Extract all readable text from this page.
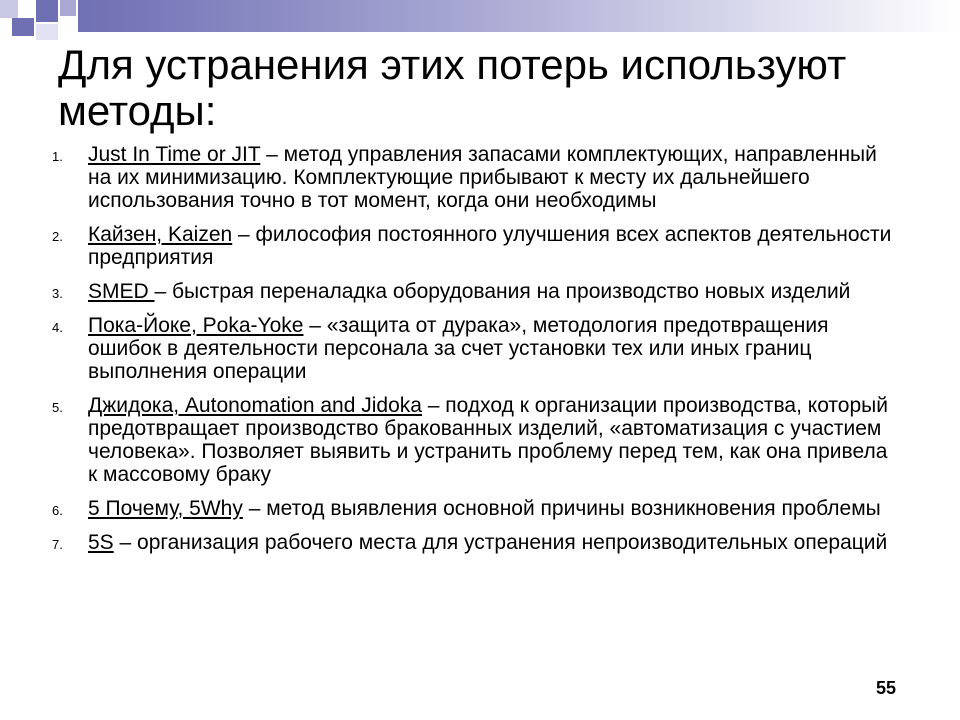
Для устранения этих потерь используют методы:
1. Just In Time or JIT – метод управления запасами комплектующих, направленный на их минимизацию. Комплектующие прибывают к месту их дальнейшего использования точно в тот момент, когда они необходимы
2. Кайзен, Kaizen – философия постоянного улучшения всех аспектов деятельности предприятия
3. SMED – быстрая переналадка оборудования на производство новых изделий
4. Пока-Йоке, Poka-Yoke – «защита от дурака», методология предотвращения ошибок в деятельности персонала за счет установки тех или иных границ выполнения операции
5. Джидока, Autonomation and Jidoka – подход к организации производства, который предотвращает производство бракованных изделий, «автоматизация с участием человека». Позволяет выявить и устранить проблему перед тем, как она привела к массовому браку
6. 5 Почему, 5Why – метод выявления основной причины возникновения проблемы
7. 5S – организация рабочего места для устранения непроизводительных операций
55
